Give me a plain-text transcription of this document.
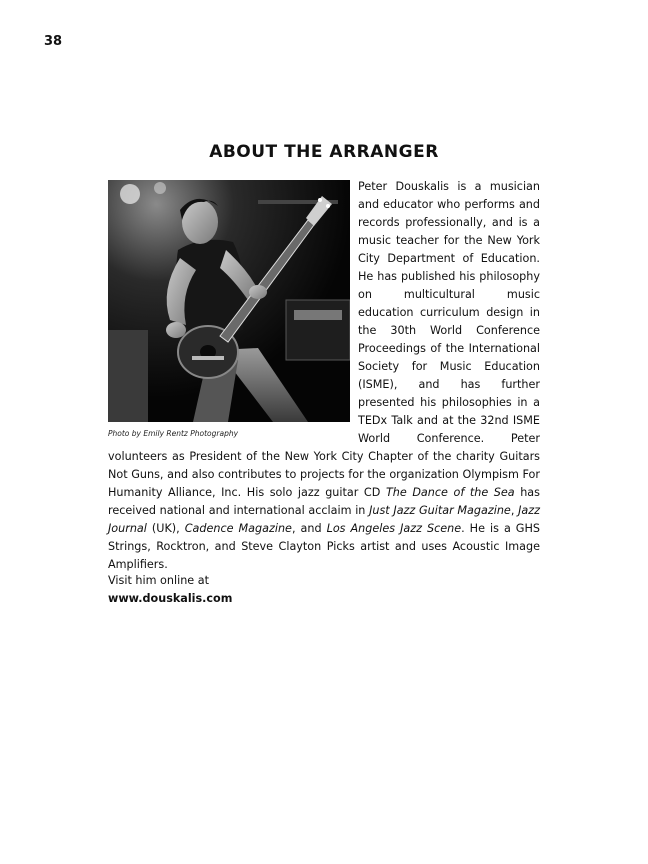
38
ABOUT THE ARRANGER
Photo by Emily Rentz Photography
Peter Douskalis is a musician and educator who performs and records professionally, and is a music teacher for the New York City Department of Education. He has published his philosophy on multicultural music education curriculum design in the 30th World Conference Proceedings of the International Society for Music Education (ISME), and has further presented his philosophies in a TEDx Talk and at the 32nd ISME World Conference. Peter volunteers as President of the New York City Chapter of the charity Guitars Not Guns, and also contributes to projects for the organization Olympism For Humanity Alliance, Inc. His solo jazz guitar CD The Dance of the Sea has received national and international acclaim in Just Jazz Guitar Magazine, Jazz Journal (UK), Cadence Magazine, and Los Angeles Jazz Scene. He is a GHS Strings, Rocktron, and Steve Clayton Picks artist and uses Acoustic Image Amplifiers.
Visit him online at
www.douskalis.com
